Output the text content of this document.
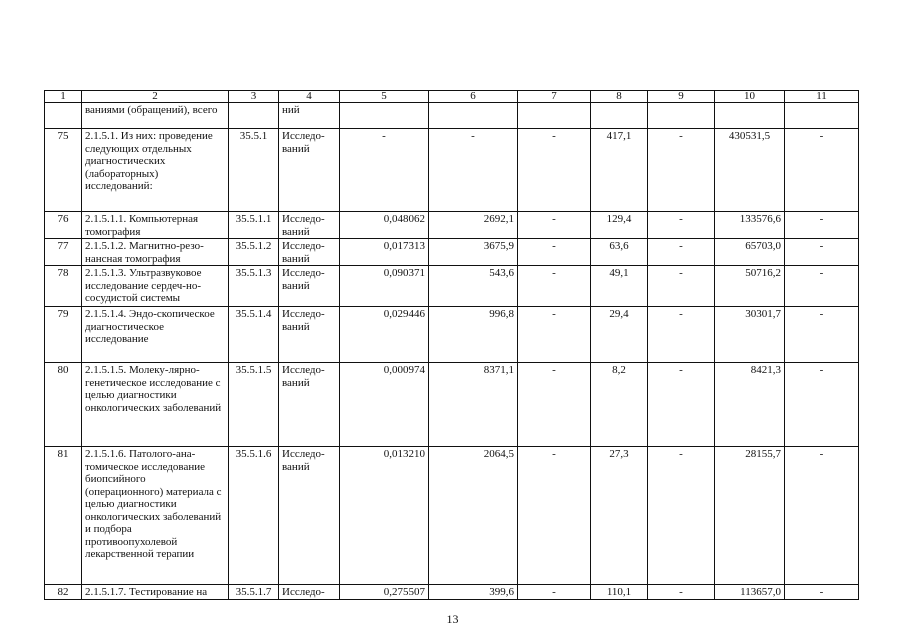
1	2	3	4	5	6	7	8	9	10	11
	ваниями (обращений), всего		ний							
75	2.1.5.1. Из них: проведение следующих отдельных диагностических (лабораторных) исследований:	35.5.1	Исследо-ваний	-	-	-	417,1	-	430531,5	-
76	2.1.5.1.1. Компьютерная томография	35.5.1.1	Исследо-ваний	0,048062	2692,1	-	129,4	-	133576,6	-
77	2.1.5.1.2. Магнитно-резо-нансная томография	35.5.1.2	Исследо-ваний	0,017313	3675,9	-	63,6	-	65703,0	-
78	2.1.5.1.3. Ультразвуковое исследование сердеч-но-сосудистой системы	35.5.1.3	Исследо-ваний	0,090371	543,6	-	49,1	-	50716,2	-
79	2.1.5.1.4. Эндо-скопическое диагностическое исследование	35.5.1.4	Исследо-ваний	0,029446	996,8	-	29,4	-	30301,7	-
80	2.1.5.1.5. Молеку-лярно-генетическое исследование с целью диагностики онкологических заболеваний	35.5.1.5	Исследо-ваний	0,000974	8371,1	-	8,2	-	8421,3	-
81	2.1.5.1.6. Патолого-ана-томическое исследование биопсийного (операционного) материала с целью диагностики онкологических заболеваний и подбора противоопухолевой лекарственной терапии	35.5.1.6	Исследо-ваний	0,013210	2064,5	-	27,3	-	28155,7	-
82	2.1.5.1.7. Тестирование на	35.5.1.7	Исследо-	0,275507	399,6	-	110,1	-	113657,0	-
13
